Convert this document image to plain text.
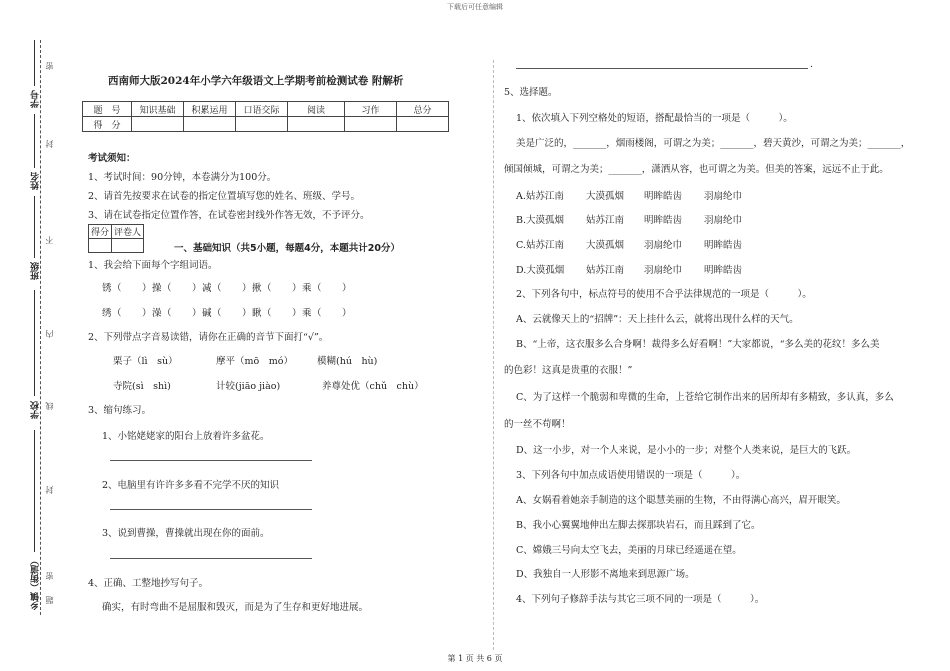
下载后可任意编辑
学号
姓名
班级
学校
乡镇（街道）
密
封
不
内
线
封
密
题
西南师大版2024年小学六年级语文上学期考前检测试卷 附解析
题　号	知识基础	积累运用	口语交际	阅读	习作	总分
得　分						
考试须知：
1、考试时间：90分钟，本卷满分为100分。
2、请首先按要求在试卷的指定位置填写您的姓名、班级、学号。
3、请在试卷指定位置作答，在试卷密封线外作答无效，不予评分。
得分	评卷人

一、基础知识（共5小题，每题4分，本题共计20分）
1、我会给下面每个字组词语。
锈（　　）操（　　）减（　　）揪（　　）乘（　　）
绣（　　）澡（　　）碱（　　）瞅（　　）乘（　　）
2、下列带点字音易读错，请你在正确的音节下面打“√”。
栗子（lì　sù）	摩平（mō　mó）	模糊(hú　hù)
寺院(sì　shì)	计较(jiāo jiào)	养尊处优（chǔ　chù）
3、缩句练习。
1、小铭姥姥家的阳台上放着许多盆花。
2、电脑里有许许多多看不完学不厌的知识
3、说到曹操，曹操就出现在你的面前。
4、正确、工整地抄写句子。
确实，有时弯曲不是屈服和毁灭，而是为了生存和更好地进展。
.
5、选择题。
1、依次填入下列空格处的短语，搭配最恰当的一项是（　　　）。
美是广泛的，_______，烟雨楼阁，可谓之为美；_______，碧天黄沙，可谓之为美；_______，
倾国倾城，可谓之为美；_______，潇洒从容，也可谓之为美。但美的答案，远远不止于此。
A.姑苏江南 大漠孤烟 明眸皓齿 羽扇纶巾
B.大漠孤烟 姑苏江南 明眸皓齿 羽扇纶巾
C.姑苏江南 大漠孤烟 羽扇纶巾 明眸皓齿
D.大漠孤烟 姑苏江南 羽扇纶巾 明眸皓齿
2、下列各句中，标点符号的使用不合乎法律规范的一项是（　　　）。
A、云就像天上的“招牌”：天上挂什么云，就将出现什么样的天气。
B、“上帝，这衣服多么合身啊！裁得多么好看啊！”大家都说，“多么美的花纹！多么美
的色彩！这真是贵重的衣服！”
C、为了这样一个脆弱和卑微的生命，上苍给它制作出来的居所却有多精致，多认真，多么
的一丝不苟啊！
D、这一小步，对一个人来说，是小小的一步；对整个人类来说，是巨大的飞跃。
3、下列各句中加点成语使用错误的一项是（　　　）。
A、女娲看着她亲手制造的这个聪慧美丽的生物，不由得满心高兴，眉开眼笑。
B、我小心翼翼地伸出左脚去探那块岩石，而且踩到了它。
C、嫦娥三号向太空飞去，美丽的月球已经遥遥在望。
D、我独自一人形影不离地来到思源广场。
4、下列句子修辞手法与其它三项不同的一项是（　　　）。
第 1 页 共 6 页
